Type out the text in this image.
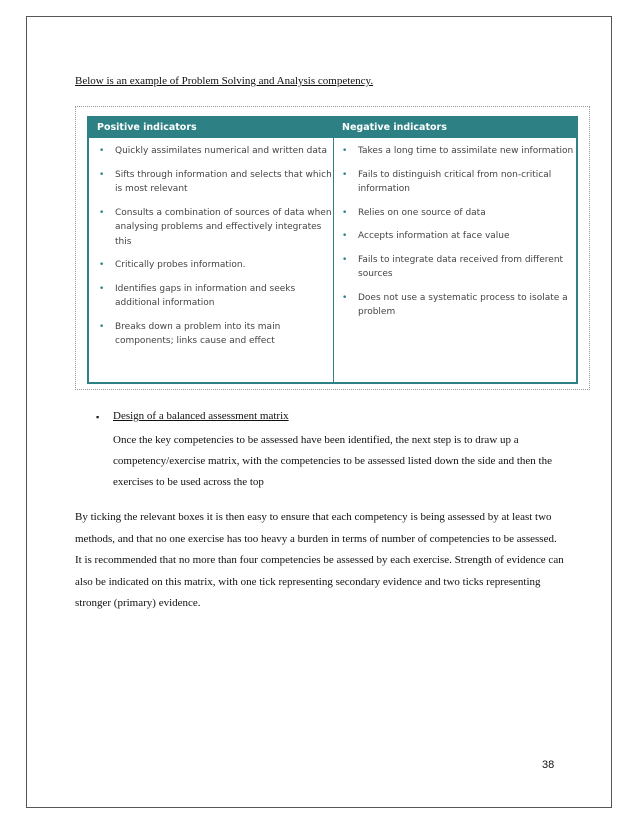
Below is an example of Problem Solving and Analysis competency.
Positive indicators	Negative indicators
• Quickly assimilates numerical and written data
• Sifts through information and selects that which is most relevant
• Consults a combination of sources of data when analysing problems and effectively integrates this
• Critically probes information.
• Identifies gaps in information and seeks additional information
• Breaks down a problem into its main components; links cause and effect
• Takes a long time to assimilate new information
• Fails to distinguish critical from non-critical information
• Relies on one source of data
• Accepts information at face value
• Fails to integrate data received from different sources
• Does not use a systematic process to isolate a problem
▪ Design of a balanced assessment matrix
Once the key competencies to be assessed have been identified, the next step is to draw up a competency/exercise matrix, with the competencies to be assessed listed down the side and then the exercises to be used across the top
By ticking the relevant boxes it is then easy to ensure that each competency is being assessed by at least two methods, and that no one exercise has too heavy a burden in terms of number of competencies to be assessed. It is recommended that no more than four competencies be assessed by each exercise. Strength of evidence can also be indicated on this matrix, with one tick representing secondary evidence and two ticks representing stronger (primary) evidence.
38
